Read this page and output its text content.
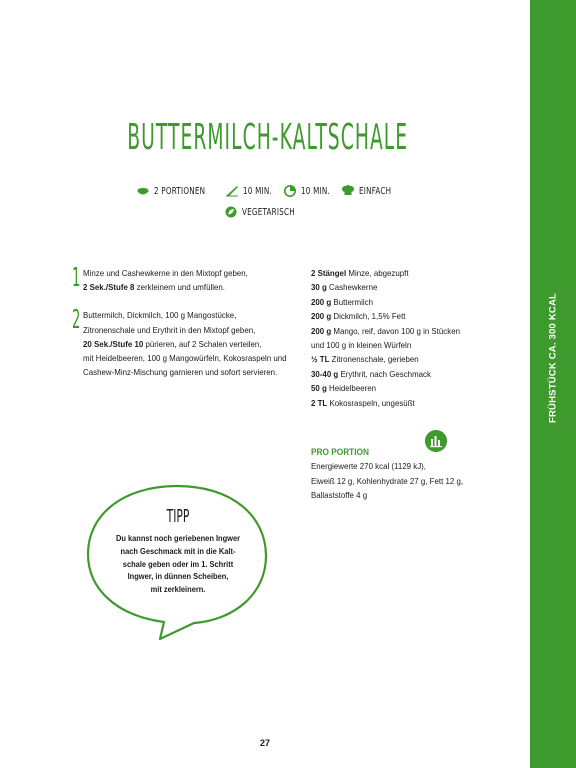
FRÜHSTÜCK CA. 300 KCAL
BUTTERMILCH-KALTSCHALE
2 PORTIONEN	10 MIN.	10 MIN.	EINFACH
VEGETARISCH
1 Minze und Cashewkerne in den Mixtopf geben,
2 Sek./Stufe 8 zerkleinern und umfüllen.
2 Buttermilch, Dickmilch, 100 g Mangostücke,
Zitronenschale und Erythrit in den Mixtopf geben,
20 Sek./Stufe 10 pürieren, auf 2 Schalen verteilen,
mit Heidelbeeren, 100 g Mangowürfeln, Kokosraspeln und
Cashew-Minz-Mischung garnieren und sofort servieren.
2 Stängel Minze, abgezupft
30 g Cashewkerne
200 g Buttermilch
200 g Dickmilch, 1,5% Fett
200 g Mango, reif, davon 100 g in Stücken
und 100 g in kleinen Würfeln
½ TL Zitronenschale, gerieben
30-40 g Erythrit, nach Geschmack
50 g Heidelbeeren
2 TL Kokosraspeln, ungesüßt
PRO PORTION
Energiewerte 270 kcal (1129 kJ),
Eiweiß 12 g, Kohlenhydrate 27 g, Fett 12 g,
Ballaststoffe 4 g
TIPP
Du kannst noch geriebenen Ingwer
nach Geschmack mit in die Kalt-
schale geben oder im 1. Schritt
Ingwer, in dünnen Scheiben,
mit zerkleinern.
27
